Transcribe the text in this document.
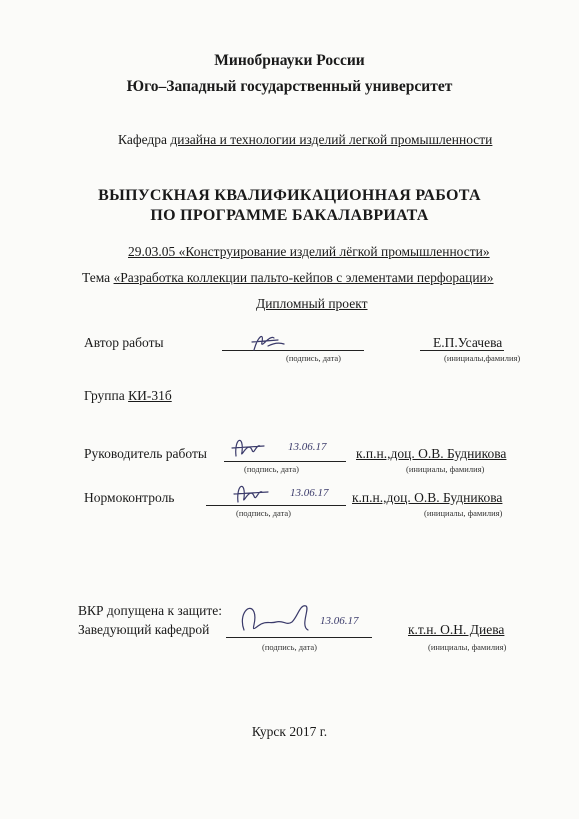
Минобрнауки России
Юго–Западный государственный университет
Кафедра дизайна и технологии изделий легкой промышленности
ВЫПУСКНАЯ КВАЛИФИКАЦИОННАЯ РАБОТА
ПО ПРОГРАММЕ БАКАЛАВРИАТА
29.03.05 «Конструирование изделий лёгкой промышленности»
Тема «Разработка коллекции пальто-кейпов с элементами перфорации»
Дипломный проект
Автор работы
(подпись, дата)
Е.П.Усачева
(инициалы,фамилия)
Группа КИ-31б
Руководитель работы	13.06.17
(подпись, дата)
к.п.н.,доц. О.В. Будникова
(инициалы, фамилия)
Нормоконтроль	13.06.17
(подпись, дата)
к.п.н.,доц. О.В. Будникова
(инициалы, фамилия)
ВКР допущена к защите:
Заведующий кафедрой
13.06.17
(подпись, дата)
к.т.н. О.Н. Диева
(инициалы, фамилия)
Курск 2017 г.
